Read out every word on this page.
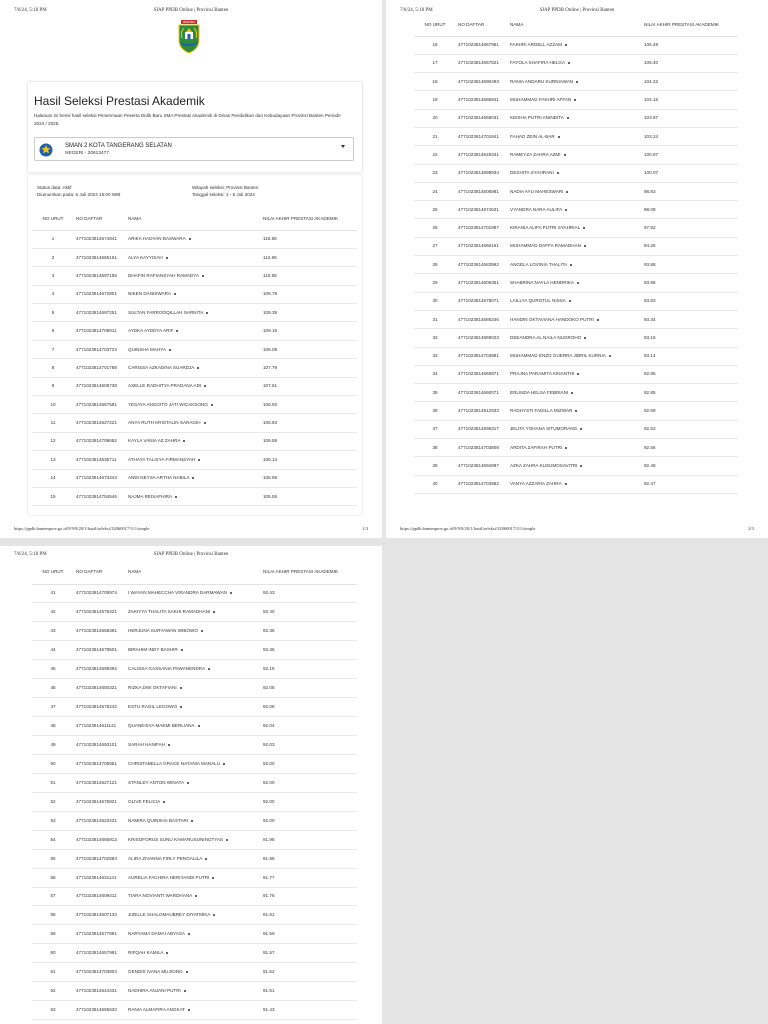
7/6/24, 5:18 PM	SIAP PPDB Online | Provinsi Banten
BANTEN
Hasil Seleksi Prestasi Akademik
Halaman ini berisi hasil seleksi Penerimaan Peserta Didik Baru SMA Prestasi Akademik di Dinas Pendidikan dan Kebudayaan Provinsi Banten Periode 2024 / 2025.
SMAN 2 KOTA TANGERANG SELATAN
NEGERI - 20613477
Status data: Aktif
Diumumkan pada: 6 Juli 2024 15:00 WIB
Wilayah seleksi: Provinsi Banten
Tanggal seleksi: 1 - 6 Juli 2024
NO URUT	NO DAFTAR	NAMA	NILAI AKHIR PRESTASI AKADEMIK
1	4771023814674841	ARIKA HADYAN BASWARA	116.58
2	4771023814665161	ALYA KAYYISAH	112.69
3	4771023814697155	DHAFIN RAFIANSYAH RAMADYA	110.58
4	4771023814672801	NIKEN DANISWARA	109.78
5	4771023814697251	SULTAN FARROOQILLAH SARNITA	109.39
6	4771023814708911	AYDKA AYDDYA ARIF	109.16
7	4771023814703723	QUINSHA MAHYA	108.08
8	4771023814701788	CARISSA AZKADINA SUARDJA	107.79
9	4771023814608738	AXELLE RADHITYA PRADANA ADI	107.61
10	4771023814667581	YESAYA ANGGITO JATI WICAKSONO	106.93
11	4771023814627221	ANYA RUTH KRISTALIN SARAGIH	106.63
12	4771023814708652	KAYLA VANIA AZ ZAHRA	106.58
13	4771023814635711	ATHAYA TALISYA FIRMANSYAH	106.14
14	4771023814673443	ANDI NEYSA ARTHA NABILA	105.69
15	4771023814704546	NAJMA REISAFHIRA	105.55
https://ppdb.bantenprov.go.id/9/9/8/20/1/hasil/seleksi/32060017/3/1/simple	1/3
7/6/24, 5:18 PM	SIAP PPDB Online | Provinsi Banten
NO URUT	NO DAFTAR	NAMA	NILAI AKHIR PRESTASI AKADEMIK
16	4771023814667961	FAKHRI ARDELL AZZAM	105.48
17	4771023814667821	FAYOLA SHAFIRA HELGA	105.40
18	4771023814690493	RANIA ANDARU KURNIAWAN	104.22
19	4771023814686841	MUHAMMAD FAKHRI AFFAN	104.15
20	4771023814659031	KEISHA PUTRI ANINDITA	103.87
21	4771023814701841	FAHAD ZEIN AL-BAR	103.24
22	4771023814649341	RAMEYZA ZAHRA AZMI	100.87
23	4771023814699934	DESHITA SYAHRANI	100.07
24	4771023814608981	NADIA AYU MAHESWARI	98.83
25	4771023814674631	VYANDRA NARA AULIFA	98.08
26	4771023814701997	KIRANIA ALIFA PUTRI SYAHRIAL	97.92
27	4771023814666161	MUHAMMAD DAFFA RAMADHAN	94.26
28	4771023814683992	ANGELA LOVINIA THALITA	93.88
29	4771023814608351	SHABRINA NAYLA HENDRIKA	93.86
30	4771023814678071	LAILLYA QUROTUL NISSA	93.83
31	4771023814686346	HANDIN OKTAVIANA HANDOKO PUTRI	93.34
32	4771023814669023	DEEANDRA AL NAILA NUGROHO	93.16
33	4771023814703881	MUHAMMAD ENZO GUERRA JIBRIL KURNIA	93.14
34	4771023814665871	PRAJNA PARAMITA KINANTHI	92.85
35	4771023814660071	ERLINDA HELSA FEBRIANI	92.85
36	4771023814612933	RADHYSTI FADILLA MIZWAR	92.69
37	4771023814596317	JELITA YOHANA SITUMORANG	92.62
38	4771023814703808	ARDITA ZAFIRAH PUTRI	92.56
39	4771023814694887	AZKA ZAHRA KUSUMOSAVITRI	92.48
40	4771023814703962	VANYA AZZARIA ZAHRA	92.47
https://ppdb.bantenprov.go.id/9/9/8/20/1/hasil/seleksi/32060017/3/1/simple	2/3
7/6/24, 5:18 PM	SIAP PPDB Online | Provinsi Banten
NO URUT	NO DAFTAR	NAMA	NILAI AKHIR PRESTASI AKADEMIK
41	4771023814705974	I WAYAN MAHECCHA VIRANDRA DARMAWAN	92.43
42	4771023814576321	ZAKIYYA THALITA SAKHI RAMADHANI	92.40
43	4771023814668391	HERJUNA SURYAWAN WIBOWO	92.36
44	4771023814679501	IBRAHIM INDY BASHIR	92.36
45	4771023814699392	CALISSA GASSANIA PAWANENDRA	92.16
46	4771023814650321	RIZKA DWI OKTAFIANI	92.08
47	4771023814575242	ESTU RAGIL LEGOWO	92.08
48	4771023814611141	QUANEISYA MAEMI BERLIANA	92.04
49	4771023814693101	SARAH HANIFAH	92.03
50	4771023814705951	CHRISTABELLA GRACE NATANIA MANALU	92.00
51	4771023814627121	STANLEY ANTON WINATA	92.00
52	4771023814675821	OLIVE FELICIA	92.00
53	4771023814623431	NAMIRA QUINSHA BASTARI	92.00
54	4771023814685913	KRISOFORUS SUNU KAMARUSUNINGTYAS	91.98
55	4771023814702883	ALIRA ZIVANNA FIRLY PENGALILA	91.96
56	4771023814631141	AURELIA FACHIRA HERIYANDI PUTRI	91.77
57	4771023814609411	TIARA NOVIANTI WARDHANA	91.76
58	4771023814607133	JIZELLE SHALOMAUBREY DIYATMIKA	91.61
59	4771023814577891	NARYAMA DAMAI ABYASA	91.59
60	4771023814657991	RIFQAH KAMILA	91.57
61	4771023814703804	GENDIS IVANA MUJIONO	91.52
62	4771023814644431	NADHIRA ANJANI PUTRI	91.51
63	4771023814655632	RANIA ALMAFIRA ANGKAT	91.43
